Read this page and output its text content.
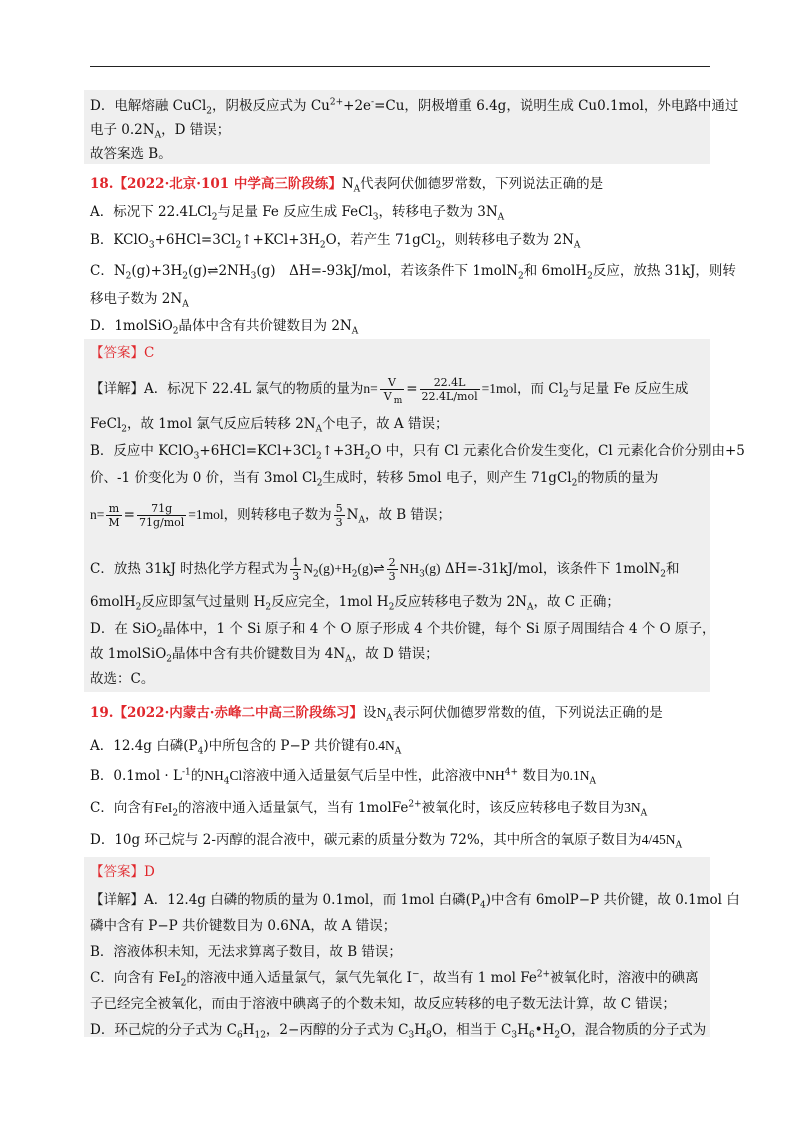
D．电解熔融 CuCl$_2$，阴极反应式为 $Cu^{2+}+2e^-=Cu$，阴极增重 6.4g，说明生成 Cu0.1mol，外电路中通过
电子 $0.2N_A$，D 错误；
故答案选 B。
18.【2022·北京·101 中学高三阶段练】$N_A$代表阿伏伽德罗常数，下列说法正确的是
A．标况下 22.4LCl$_2$与足量 Fe 反应生成 FeCl$_3$，转移电子数为 $3N_A$
B．$KClO_3+6HCl=3Cl_2↑+KCl+3H_2O$，若产生 71gCl$_2$，则转移电子数为 $2N_A$
C．$N_2(g)+3H_2(g)\rightleftharpoons 2NH_3(g)$　ΔH=-93kJ/mol，若该条件下 1molN$_2$和 6molH$_2$反应，放热 31kJ，则转
移电子数为 $2N_A$
D．1molSiO$_2$晶体中含有共价键数目为 $2N_A$
【答案】C
【详解】A．标况下 22.4L 氯气的物质的量为$n= \frac{V}{V _m} = \frac{22.4L}{\text{22.4L/mol}} =1mol$，而 $Cl_2$与足量 Fe 反应生成
FeCl$_2$，故 1mol 氯气反应后转移 $2N_A$个电子，故 A 错误；
B．反应中 $KClO_3+6HCl=KCl+3Cl_2↑+3H_2O$ 中，只有 Cl 元素化合价发生变化，Cl 元素化合价分别由+5
价、-1 价变化为 0 价，当有 3mol $Cl_2$生成时，转移 5mol 电子，则产生 71gCl$_2$的物质的量为
$n= \frac{m}{M} = \frac{71g}{\text{71g/mol}} =1mol$，则转移电子数为 $\frac{5}{3} N_A$，故 B 错误；
C．放热 31kJ 时热化学方程式为 $\frac{1}{3}$ $N_2(g)+H_2(g)\rightleftharpoons \frac{2}{3} NH_3(g)$ ΔH=-31kJ/mol，该条件下 1molN$_2$和
6molH$_2$反应即氢气过量则 $H_2$反应完全，1mol $H_2$反应转移电子数为 $2N_A$，故 C 正确；
D．在 SiO$_2$晶体中，1 个 Si 原子和 4 个 O 原子形成 4 个共价键，每个 Si 原子周围结合 4 个 O 原子，
故 1molSiO$_2$晶体中含有共价键数目为 $4N_A$，故 D 错误；
故选：C。
19.【2022·内蒙古·赤峰二中高三阶段练习】设$N_A$表示阿伏伽德罗常数的值，下列说法正确的是
A．12.4g 白磷$(P_4)$中所包含的 P−P 共价键有$0.4N_A$
B．$0.1mol \cdot L^{-1}$的$NH_4Cl$溶液中通入适量氨气后呈中性，此溶液中$NH^{4+}$ 数目为$0.1N_A$
C．向含有FeI$_2$的溶液中通入适量氯气，当有 1molFe$^{2+}$被氧化时，该反应转移电子数目为$3N_A$
D．10g 环己烷与 2-丙醇的混合液中，碳元素的质量分数为 72%，其中所含的氧原子数目为$4/45N_A$
【答案】D
【详解】A．12.4g 白磷的物质的量为 0.1mol，而 1mol 白磷$(P_4)$中含有 6molP−P 共价键，故 0.1mol 白
磷中含有 P−P 共价键数目为 0.6NA，故 A 错误；
B．溶液体积未知，无法求算离子数目，故 B 错误；
C．向含有 FeI$_2$的溶液中通入适量氯气，氯气先氧化 I−，故当有 1 mol $Fe^{2+}$被氧化时，溶液中的碘离
子已经完全被氧化，而由于溶液中碘离子的个数未知，故反应转移的电子数无法计算，故 C 错误；
D．环己烷的分子式为 $C_6H_{12}$，2−丙醇的分子式为 $C_3H_8O$，相当于 $C_3H_6•H_2O$，混合物质的分子式为
